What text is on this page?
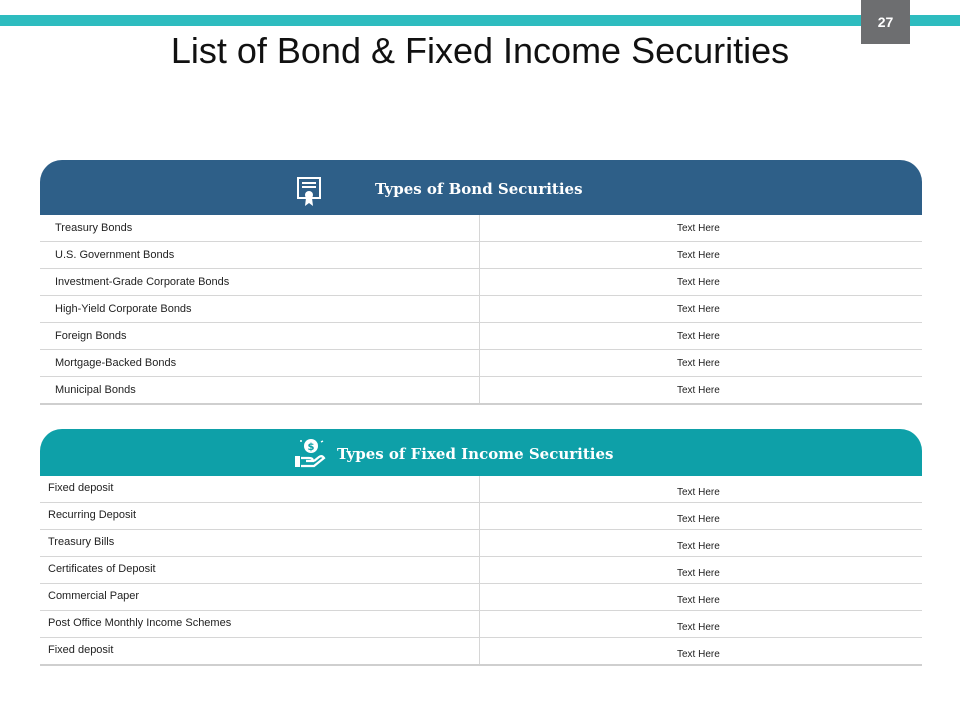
27
List of Bond & Fixed Income Securities
Types of Bond Securities
Treasury Bonds	Text Here
U.S. Government Bonds	Text Here
Investment-Grade Corporate Bonds	Text Here
High-Yield Corporate Bonds	Text Here
Foreign Bonds	Text Here
Mortgage-Backed Bonds	Text Here
Municipal Bonds	Text Here
$ Types of Fixed Income Securities
Fixed deposit	Text Here
Recurring Deposit	Text Here
Treasury Bills	Text Here
Certificates of Deposit	Text Here
Commercial Paper	Text Here
Post Office Monthly Income Schemes	Text Here
Fixed deposit	Text Here
